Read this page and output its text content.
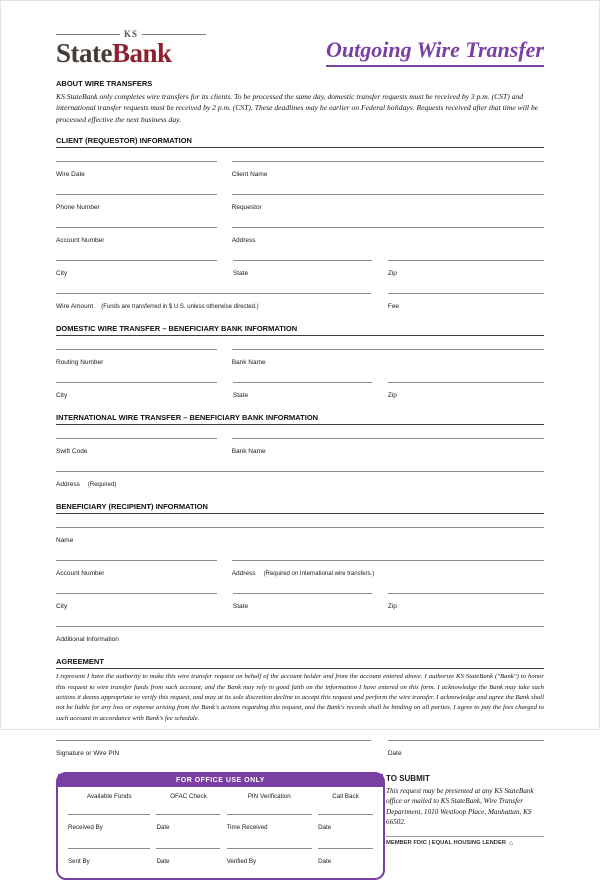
KS
StateBank	Outgoing Wire Transfer
ABOUT WIRE TRANSFERS

KS StateBank only completes wire transfers for its clients. To be processed the same day, domestic transfer requests must be received by 3 p.m. (CST) and international transfer requests must be received by 2 p.m. (CST). These deadlines may be earlier on Federal holidays. Requests received after that time will be processed effective the next business day.

CLIENT (REQUESTOR) INFORMATION
Wire Date	Client Name
Phone Number	Requestor
Account Number	Address
City	State	Zip
Wire Amount (Funds are transferred in $ U.S. unless otherwise directed.)	Fee
DOMESTIC WIRE TRANSFER – BENEFICIARY BANK INFORMATION
Routing Number	Bank Name
City	State	Zip
INTERNATIONAL WIRE TRANSFER – BENEFICIARY BANK INFORMATION
Swift Code	Bank Name
Address (Required)
BENEFICIARY (RECIPIENT) INFORMATION
Name
Account Number	Address (Required on International wire transfers.)
City	State	Zip
Additional Information
AGREEMENT

I represent I have the authority to make this wire transfer request on behalf of the account holder and from the account entered above. I authorize KS StateBank ("Bank") to honor this request to wire transfer funds from such account, and the Bank may rely in good faith on the information I have entered on this form. I acknowledge the Bank may take such actions it deems appropriate to verify this request, and may at its sole discretion decline to accept this request and perform the wire transfer. I acknowledge and agree the Bank shall not be liable for any loss or expense arising from the Bank's actions regarding this request, and the Bank's records shall be binding on all parties. I agree to pay the fees charged to such account in accordance with Bank's fee schedule.

Signature or Wire PIN	Date
FOR OFFICE USE ONLY
Available Funds	OFAC Check	PIN Verification	Call Back
Received By	Date	Time Received	Date
Sent By	Date	Verified By	Date
TO SUBMIT

This request may be presented at any KS StateBank office or mailed to KS StateBank, Wire Transfer Department, 1010 Westloop Place, Manhattan, KS 66502.

MEMBER FDIC | EQUAL HOUSING LENDER ⌂
